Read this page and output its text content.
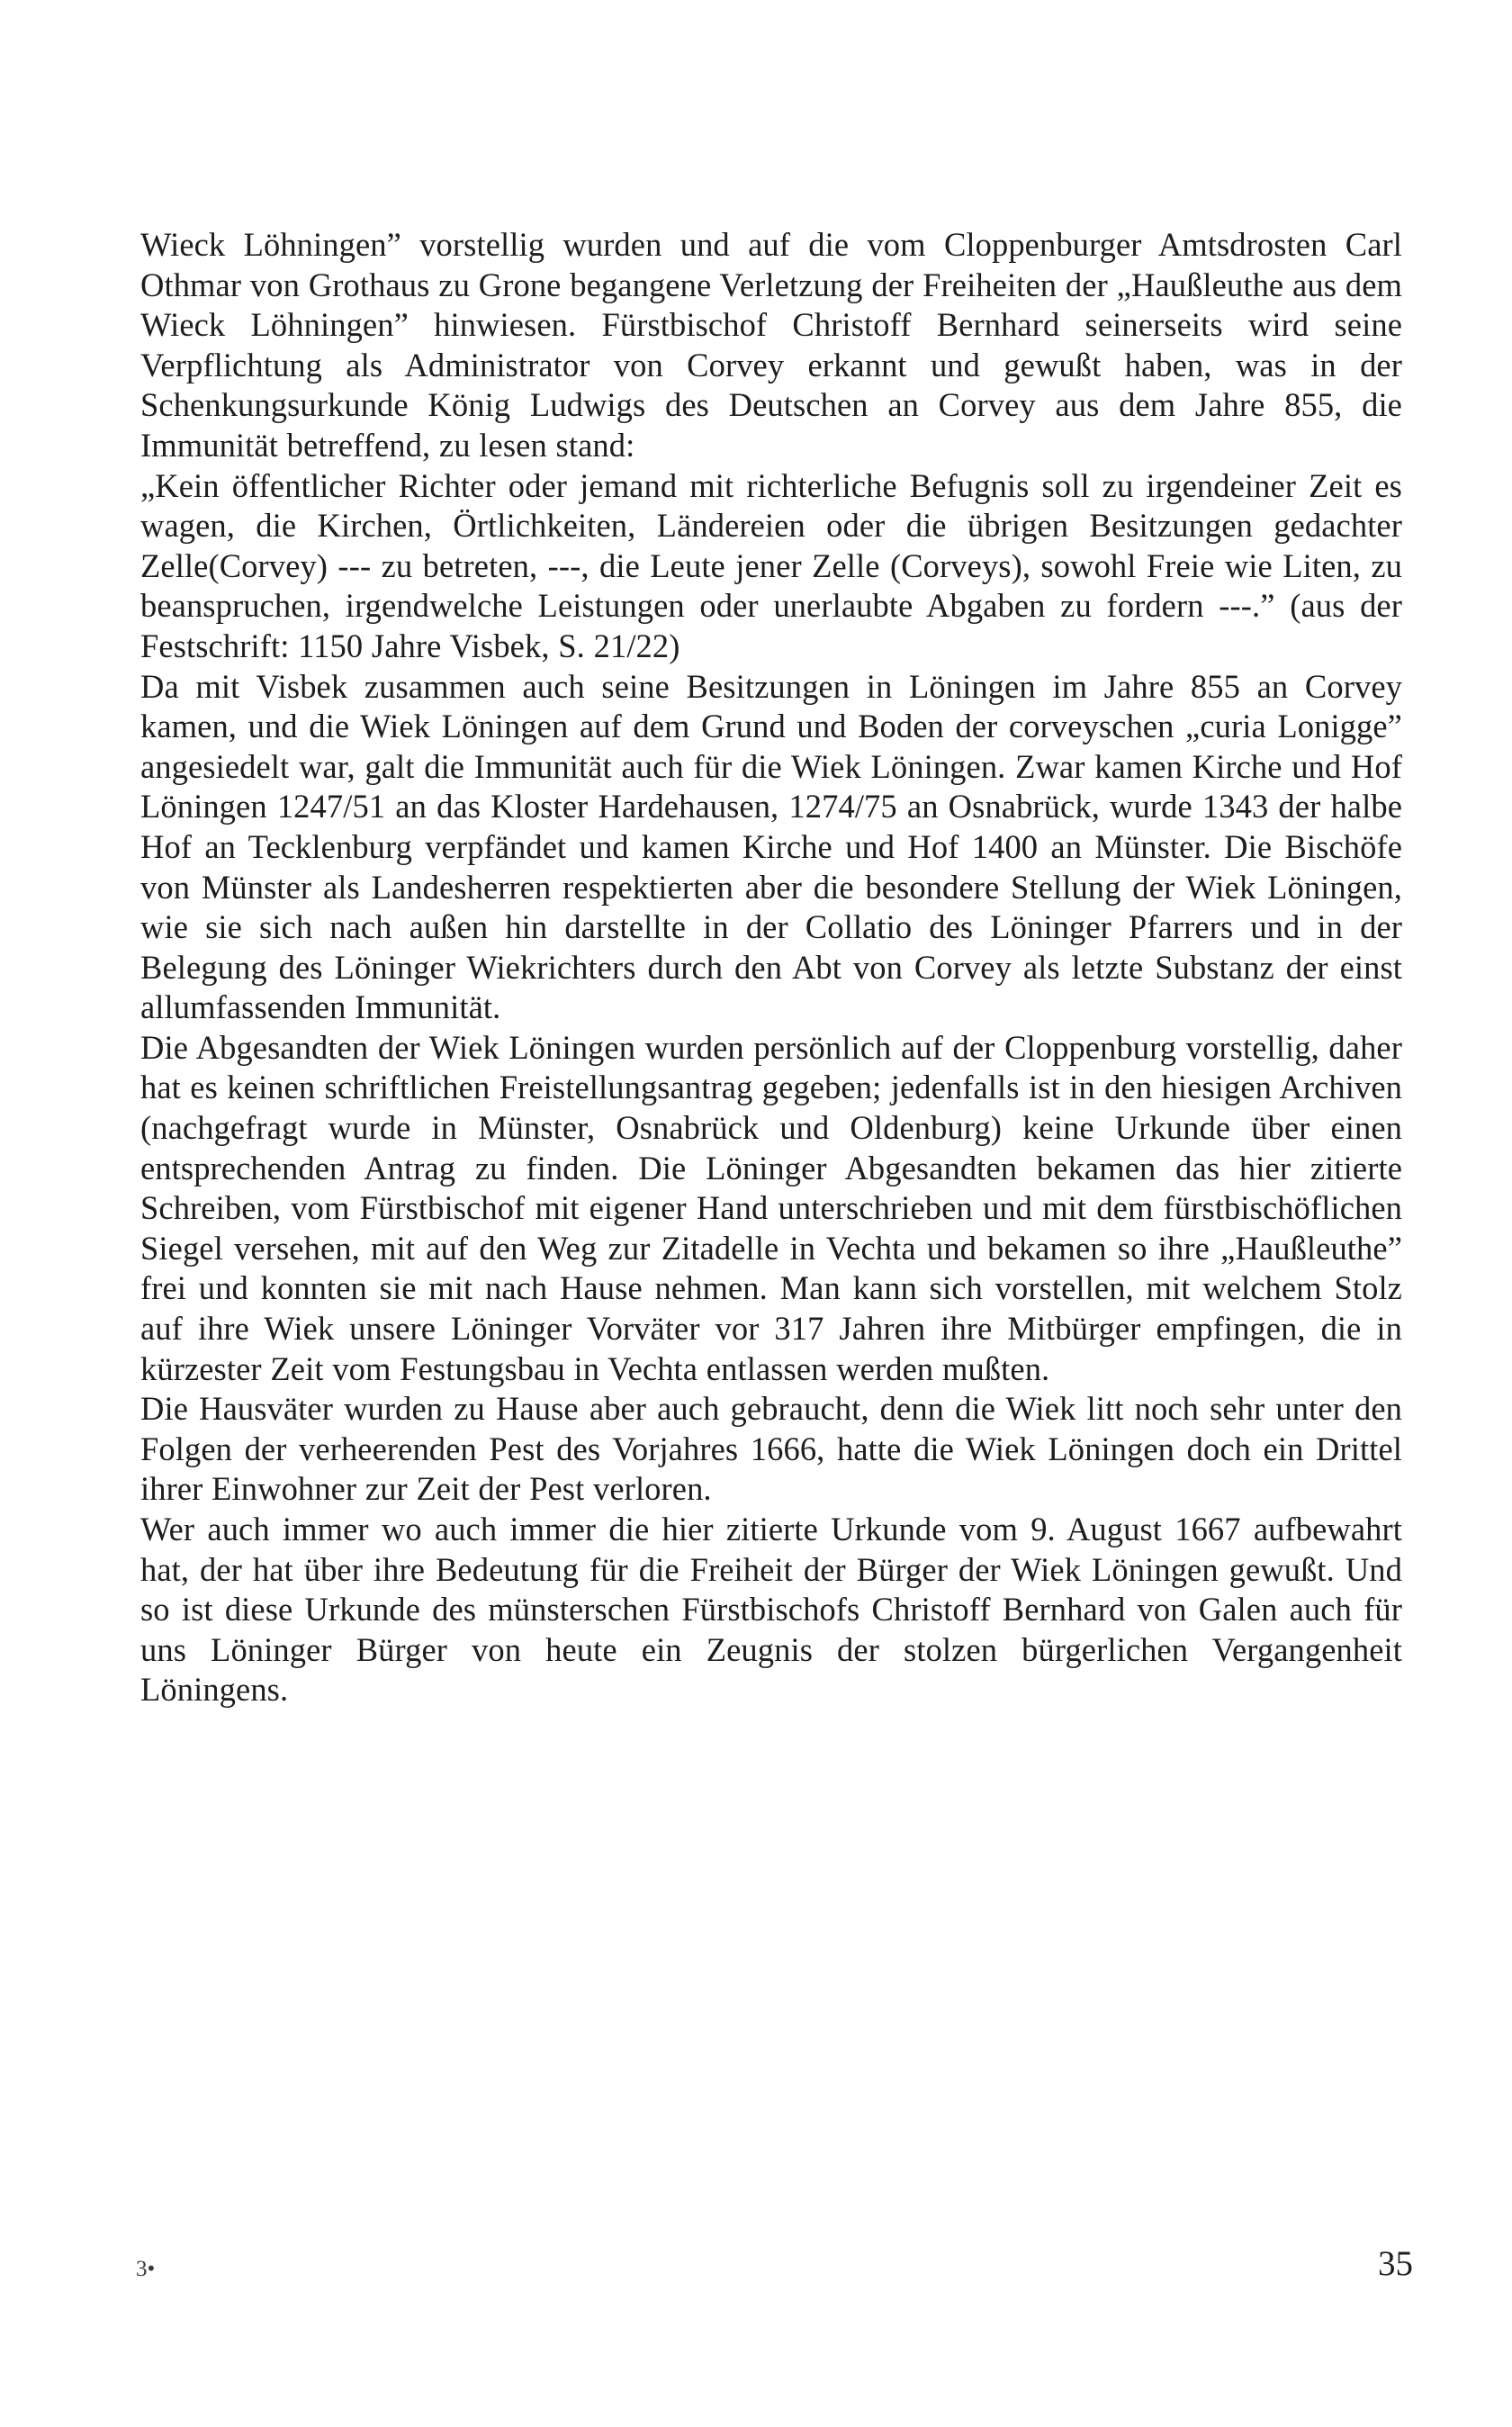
Wieck Löhningen” vorstellig wurden und auf die vom Cloppenburger Amtsdrosten Carl Othmar von Grothaus zu Grone begangene Verletzung der Freiheiten der „Haußleuthe aus dem Wieck Löhningen” hinwiesen. Fürstbischof Christoff Bernhard seinerseits wird seine Verpflichtung als Administrator von Corvey erkannt und gewußt haben, was in der Schenkungsurkunde König Ludwigs des Deutschen an Corvey aus dem Jahre 855, die Immunität betreffend, zu lesen stand:

„Kein öffentlicher Richter oder jemand mit richterliche Befugnis soll zu irgendeiner Zeit es wagen, die Kirchen, Örtlichkeiten, Ländereien oder die übrigen Besitzungen gedachter Zelle(Corvey) --- zu betreten, ---, die Leute jener Zelle (Corveys), sowohl Freie wie Liten, zu beanspruchen, irgendwelche Leistungen oder unerlaubte Abgaben zu fordern ---.” (aus der Festschrift: 1150 Jahre Visbek, S. 21/22)

Da mit Visbek zusammen auch seine Besitzungen in Löningen im Jahre 855 an Corvey kamen, und die Wiek Löningen auf dem Grund und Boden der corveyschen „curia Lonigge” angesiedelt war, galt die Immunität auch für die Wiek Löningen. Zwar kamen Kirche und Hof Löningen 1247/51 an das Kloster Hardehausen, 1274/75 an Osnabrück, wurde 1343 der halbe Hof an Tecklenburg verpfändet und kamen Kirche und Hof 1400 an Münster. Die Bischöfe von Münster als Landesherren respektierten aber die besondere Stellung der Wiek Löningen, wie sie sich nach außen hin darstellte in der Collatio des Löninger Pfarrers und in der Belegung des Löninger Wiekrichters durch den Abt von Corvey als letzte Substanz der einst allumfassenden Immunität.

Die Abgesandten der Wiek Löningen wurden persönlich auf der Cloppenburg vorstellig, daher hat es keinen schriftlichen Freistellungsantrag gegeben; jedenfalls ist in den hiesigen Archiven (nachgefragt wurde in Münster, Osnabrück und Oldenburg) keine Urkunde über einen entsprechenden Antrag zu finden. Die Löninger Abgesandten bekamen das hier zitierte Schreiben, vom Fürstbischof mit eigener Hand unterschrieben und mit dem fürstbischöflichen Siegel versehen, mit auf den Weg zur Zitadelle in Vechta und bekamen so ihre „Haußleuthe” frei und konnten sie mit nach Hause nehmen. Man kann sich vorstellen, mit welchem Stolz auf ihre Wiek unsere Löninger Vorväter vor 317 Jahren ihre Mitbürger empfingen, die in kürzester Zeit vom Festungsbau in Vechta entlassen werden mußten.

Die Hausväter wurden zu Hause aber auch gebraucht, denn die Wiek litt noch sehr unter den Folgen der verheerenden Pest des Vorjahres 1666, hatte die Wiek Löningen doch ein Drittel ihrer Einwohner zur Zeit der Pest verloren.

Wer auch immer wo auch immer die hier zitierte Urkunde vom 9. August 1667 aufbewahrt hat, der hat über ihre Bedeutung für die Freiheit der Bürger der Wiek Löningen gewußt. Und so ist diese Urkunde des münsterschen Fürstbischofs Christoff Bernhard von Galen auch für uns Löninger Bürger von heute ein Zeugnis der stolzen bürgerlichen Vergangenheit Löningens.

3•	35
